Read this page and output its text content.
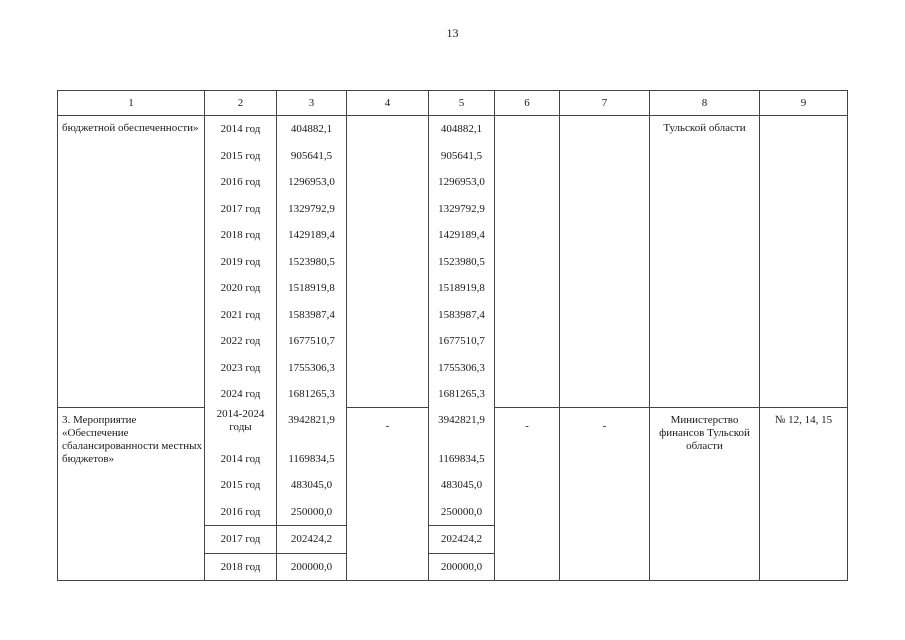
13
1	2	3	4	5	6	7	8	9
бюджетной обеспеченности»	2014 год	404882,1		404882,1			Тульской области	
	2015 год	905641,5		905641,5				
	2016 год	1296953,0		1296953,0				
	2017 год	1329792,9		1329792,9				
	2018 год	1429189,4		1429189,4				
	2019 год	1523980,5		1523980,5				
	2020 год	1518919,8		1518919,8				
	2021 год	1583987,4		1583987,4				
	2022 год	1677510,7		1677510,7				
	2023 год	1755306,3		1755306,3				
	2024 год	1681265,3		1681265,3				
3. Мероприятие «Обеспечение сбалансированности местных бюджетов»	2014-2024 годы	3942821,9	-	3942821,9	-	-	Министерство финансов Тульской области	№ 12, 14, 15
	2014 год	1169834,5		1169834,5				
	2015 год	483045,0		483045,0				
	2016 год	250000,0		250000,0				
	2017 год	202424,2		202424,2				
	2018 год	200000,0		200000,0				
